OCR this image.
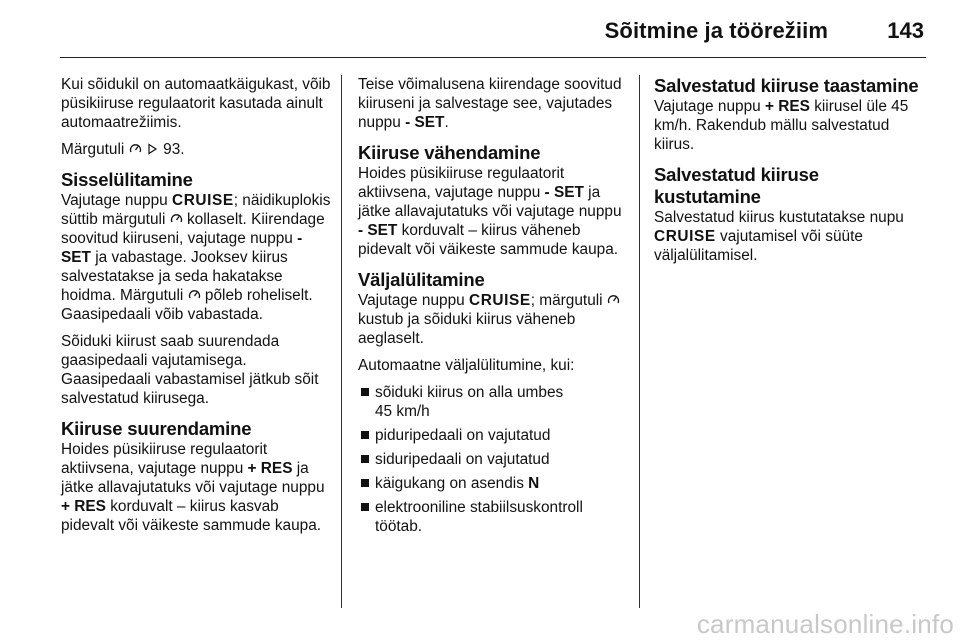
Sõitmine ja töörežiim	143

Kui sõidukil on automaatkäigukast, võib püsikiiruse regulaatorit kasutada ainult automaatrežiimis.

Märgutuli	93.

Sisselülitamine

Vajutage nuppu CRUISE; näidikuplokis süttib märgutuli kollaselt. Kiirendage soovitud kiiruseni, vajutage nuppu - SET ja vabastage. Jooksev kiirus salvestatakse ja seda hakatakse hoidma. Märgutuli põleb roheliselt. Gaasipedaali võib vabastada.

Sõiduki kiirust saab suurendada gaasipedaali vajutamisega. Gaasipedaali vabastamisel jätkub sõit salvestatud kiirusega.

Kiiruse suurendamine

Hoides püsikiiruse regulaatorit aktiivsena, vajutage nuppu + RES ja jätke allavajutatuks või vajutage nuppu + RES korduvalt – kiirus kasvab pidevalt või väikeste sammude kaupa.

Teise võimalusena kiirendage soovitud kiiruseni ja salvestage see, vajutades nuppu - SET.

Kiiruse vähendamine

Hoides püsikiiruse regulaatorit aktiivsena, vajutage nuppu - SET ja jätke allavajutatuks või vajutage nuppu - SET korduvalt – kiirus väheneb pidevalt või väikeste sammude kaupa.

Väljalülitamine

Vajutage nuppu CRUISE; märgutuli  kustub ja sõiduki kiirus väheneb aeglaselt.

Automaatne väljalülitumine, kui:

sõiduki kiirus on alla umbes
45 km/h
piduripedaali on vajutatud
siduripedaali on vajutatud
käigukang on asendis N
elektrooniline stabiilsuskontroll töötab.
Salvestatud kiiruse taastamine

Vajutage nuppu + RES kiirusel üle 45 km/h. Rakendub mällu salvestatud kiirus.

Salvestatud kiiruse kustutamine

Salvestatud kiirus kustutatakse nupu CRUISE vajutamisel või süüte väljalülitamisel.

carmanualsonline.info
